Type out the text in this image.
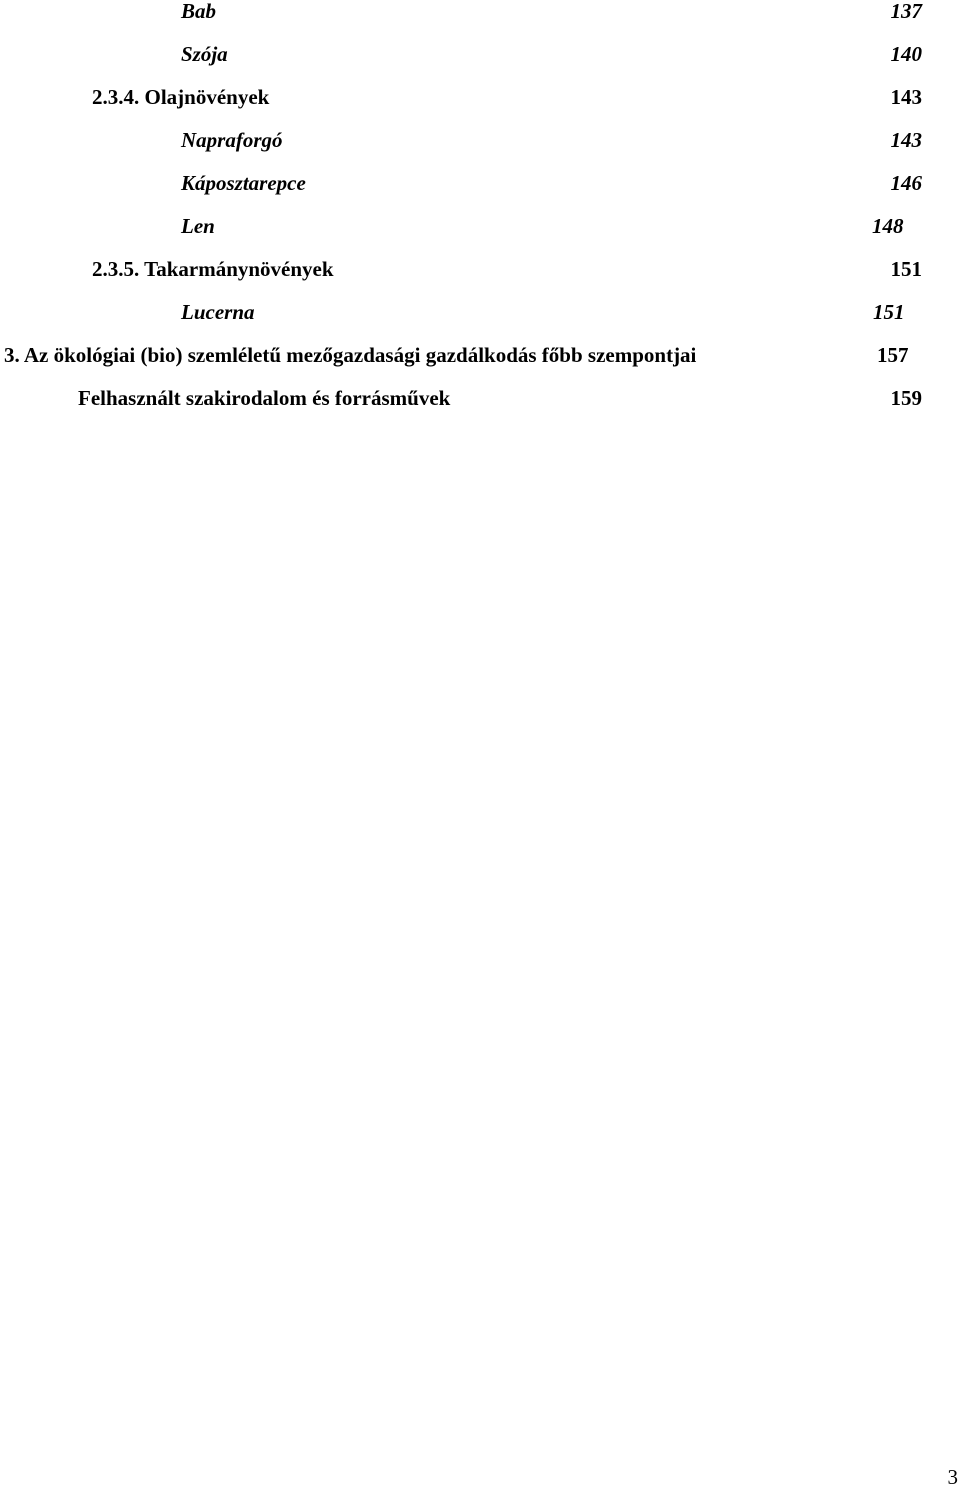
Bab	137
Szója	140
2.3.4. Olajnövények	143
Napraforgó	143
Káposztarepce	146
Len	148
2.3.5. Takarmánynövények	151
Lucerna	151
3. Az ökológiai (bio) szemléletű mezőgazdasági gazdálkodás főbb szempontjai	157
Felhasznált szakirodalom és forrásművek	159
3
